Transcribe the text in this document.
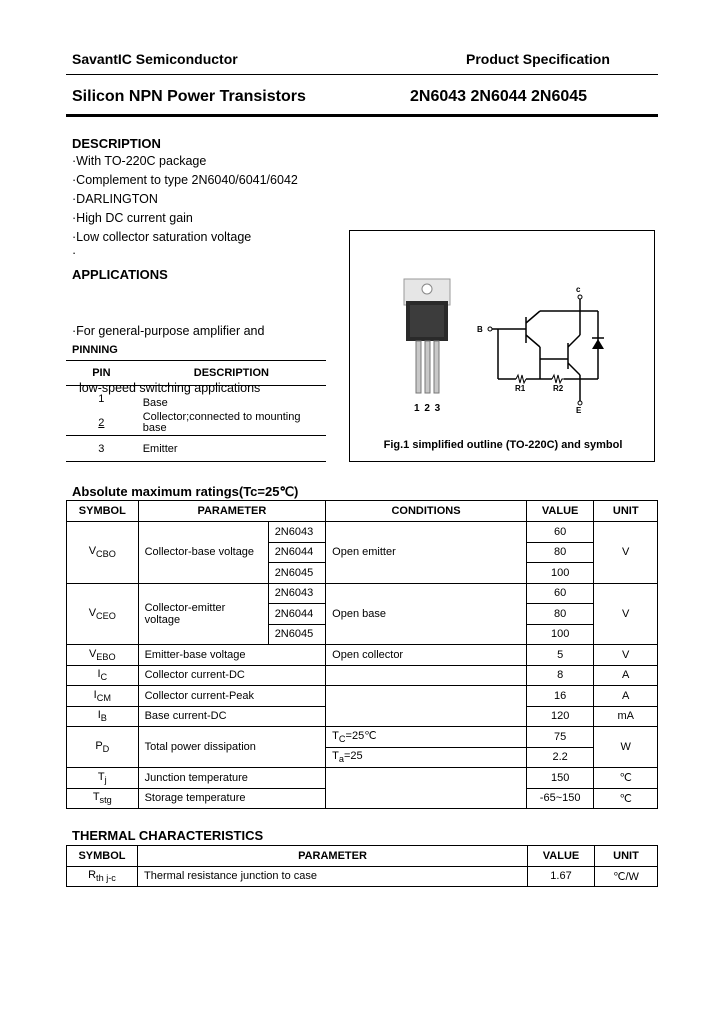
SavantIC Semiconductor	Product Specification
Silicon NPN Power Transistors	2N6043 2N6044 2N6045
DESCRIPTION
·With TO-220C package
·Complement to type 2N6040/6041/6042
·DARLINGTON
·High DC current gain
·Low collector saturation voltage
·
APPLICATIONS

·For general-purpose amplifier and

low-speed switching applications

PINNING
PIN	DESCRIPTION
1	Base
2	Collector;connected to mounting base
3	Emitter
c
B
E
R1	R2
1 2 3
Fig.1 simplified outline (TO-220C) and symbol
Absolute maximum ratings(Tc=25℃)
SYMBOL	PARAMETER		CONDITIONS	VALUE	UNIT
$V_{CBO}$	Collector-base voltage	2N6043	Open emitter	60	V
		2N6044		80	
		2N6045		100	
$V_{CEO}$	Collector-emitter voltage	2N6043	Open base	60	V
		2N6044		80	
		2N6045		100	
$V_{EBO}$	Emitter-base voltage		Open collector	5	V
$I_C$	Collector current-DC			8	A
$I_{CM}$	Collector current-Peak			16	A
$I_B$	Base current-DC			120	mA
$P_D$	Total power dissipation		$T_C=25℃$	75	W
			$T_a=25$	2.2	
$T_j$	Junction temperature			150	℃
$T_{stg}$	Storage temperature			-65~150	℃
THERMAL CHARACTERISTICS
SYMBOL	PARAMETER	VALUE	UNIT
$R_{th j-c}$	Thermal resistance junction to case	1.67	℃/W
